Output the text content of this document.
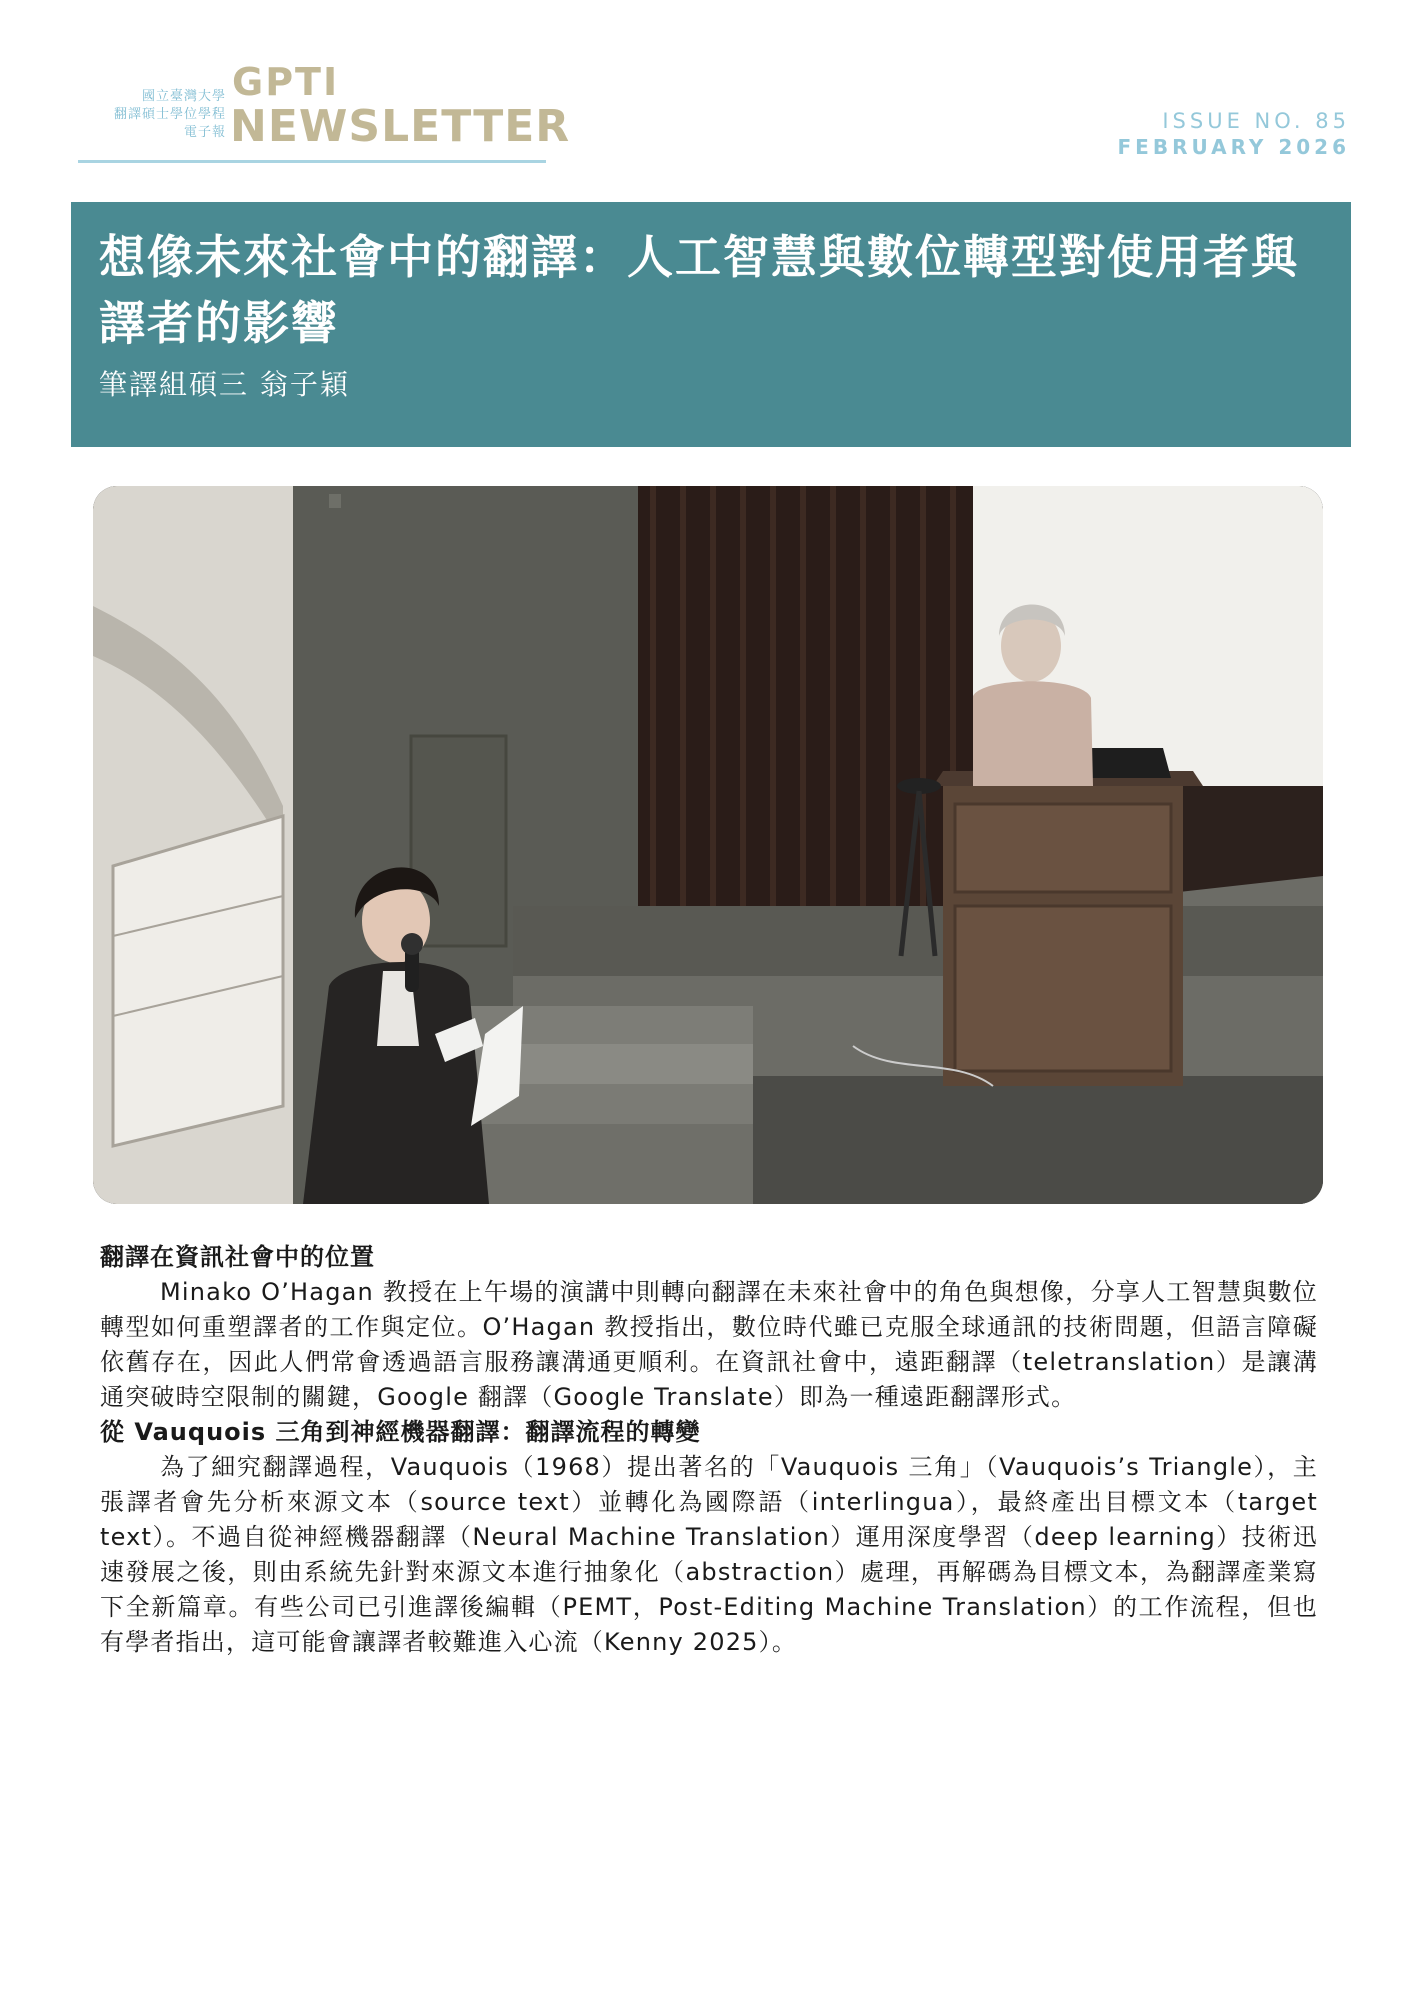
國立臺灣大學
翻譯碩士學位學程
電子報
GPTI
NEWSLETTER	ISSUE NO. 85
FEBRUARY 2026
想像未來社會中的翻譯：人工智慧與數位轉型對使用者與譯者的影響
筆譯組碩三 翁子穎
翻譯在資訊社會中的位置

Minako O’Hagan 教授在上午場的演講中則轉向翻譯在未來社會中的角色與想像，分享人工智慧與數位轉型如何重塑譯者的工作與定位。O’Hagan 教授指出，數位時代雖已克服全球通訊的技術問題，但語言障礙依舊存在，因此人們常會透過語言服務讓溝通更順利。在資訊社會中，遠距翻譯（teletranslation）是讓溝通突破時空限制的關鍵，Google 翻譯（Google Translate）即為一種遠距翻譯形式。

從 Vauquois 三角到神經機器翻譯：翻譯流程的轉變

為了細究翻譯過程，Vauquois（1968）提出著名的「Vauquois 三角」（Vauquois’s Triangle），主張譯者會先分析來源文本（source text）並轉化為國際語（interlingua），最終產出目標文本（target text）。不過自從神經機器翻譯（Neural Machine Translation）運用深度學習（deep learning）技術迅速發展之後，則由系統先針對來源文本進行抽象化（abstraction）處理，再解碼為目標文本，為翻譯產業寫下全新篇章。有些公司已引進譯後編輯（PEMT，Post-Editing Machine Translation）的工作流程，但也有學者指出，這可能會讓譯者較難進入心流（Kenny 2025）。
